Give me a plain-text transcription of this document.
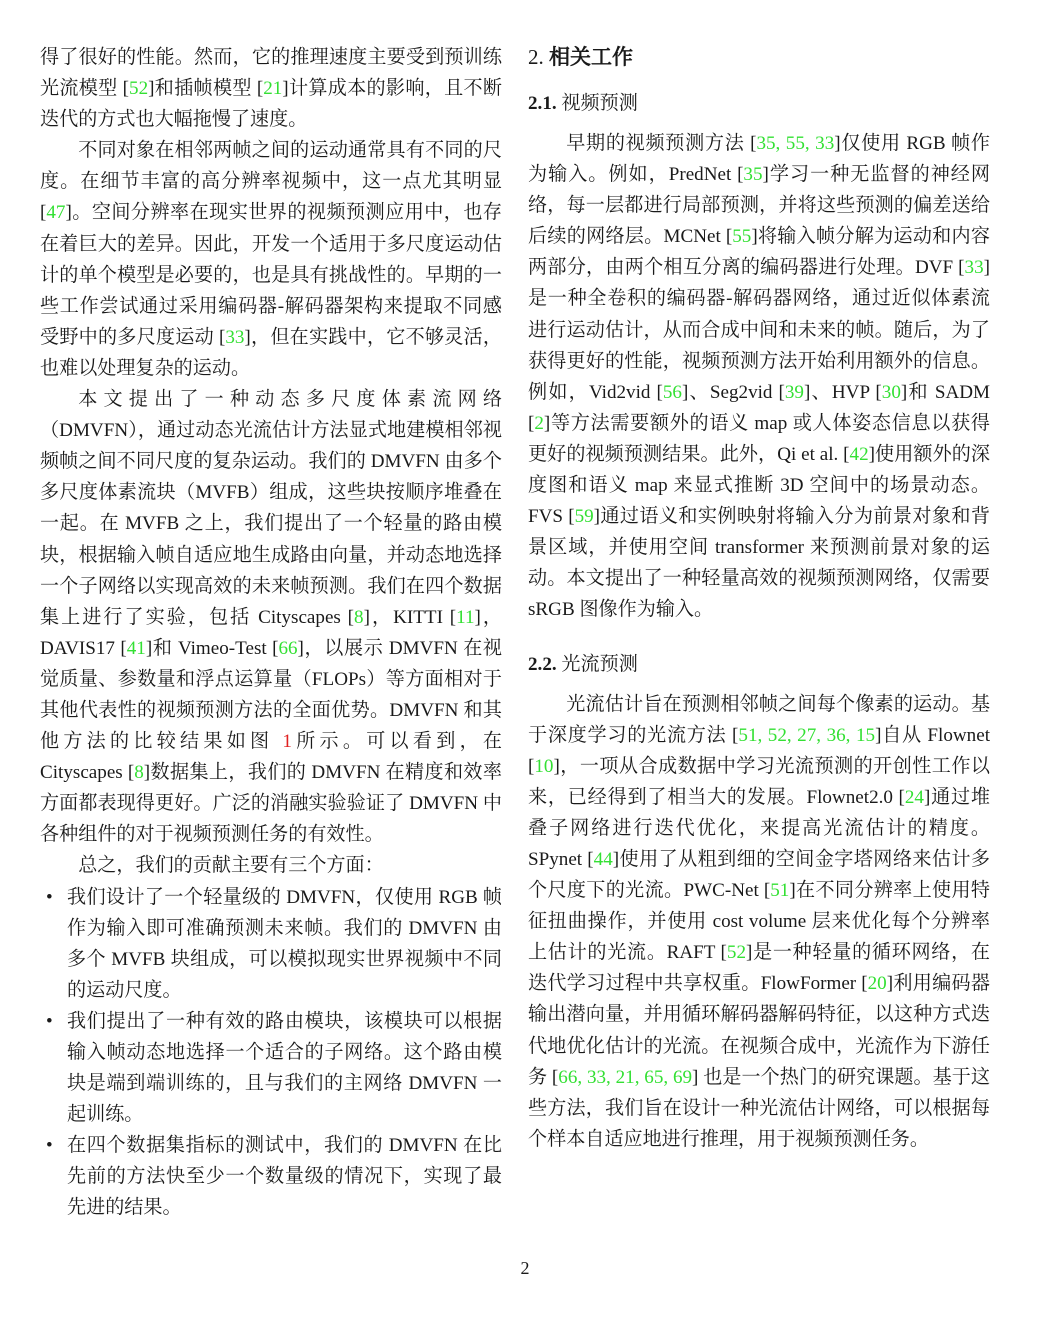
得了很好的性能。然而，它的推理速度主要受到预训练光流模型 [52]和插帧模型 [21]计算成本的影响，且不断迭代的方式也大幅拖慢了速度。

不同对象在相邻两帧之间的运动通常具有不同的尺度。在细节丰富的高分辨率视频中，这一点尤其明显 [47]。空间分辨率在现实世界的视频预测应用中，也存在着巨大的差异。因此，开发一个适用于多尺度运动估计的单个模型是必要的，也是具有挑战性的。早期的一些工作尝试通过采用编码器-解码器架构来提取不同感受野中的多尺度运动 [33]，但在实践中，它不够灵活，也难以处理复杂的运动。

本文提出了一种动态多尺度体素流网络（DMVFN），通过动态光流估计方法显式地建模相邻视频帧之间不同尺度的复杂运动。我们的 DMVFN 由多个多尺度体素流块（MVFB）组成，这些块按顺序堆叠在一起。在 MVFB 之上，我们提出了一个轻量的路由模块，根据输入帧自适应地生成路由向量，并动态地选择一个子网络以实现高效的未来帧预测。我们在四个数据集上进行了实验，包括 Cityscapes [8]，KITTI [11]，DAVIS17 [41]和 Vimeo-Test [66]，以展示 DMVFN 在视觉质量、参数量和浮点运算量（FLOPs）等方面相对于其他代表性的视频预测方法的全面优势。DMVFN 和其他方法的比较结果如图 1所示。可以看到，在 Cityscapes [8]数据集上，我们的 DMVFN 在精度和效率方面都表现得更好。广泛的消融实验验证了 DMVFN 中各种组件的对于视频预测任务的有效性。

总之，我们的贡献主要有三个方面：

• 我们设计了一个轻量级的 DMVFN，仅使用 RGB 帧作为输入即可准确预测未来帧。我们的 DMVFN 由多个 MVFB 块组成，可以模拟现实世界视频中不同的运动尺度。
• 我们提出了一种有效的路由模块，该模块可以根据输入帧动态地选择一个适合的子网络。这个路由模块是端到端训练的，且与我们的主网络 DMVFN 一起训练。
• 在四个数据集指标的测试中，我们的 DMVFN 在比先前的方法快至少一个数量级的情况下，实现了最先进的结果。
2. 相关工作
2.1. 视频预测

早期的视频预测方法 [35, 55, 33]仅使用 RGB 帧作为输入。例如，PredNet [35]学习一种无监督的神经网络，每一层都进行局部预测，并将这些预测的偏差送给后续的网络层。MCNet [55]将输入帧分解为运动和内容两部分，由两个相互分离的编码器进行处理。DVF [33]是一种全卷积的编码器-解码器网络，通过近似体素流进行运动估计，从而合成中间和未来的帧。随后，为了获得更好的性能，视频预测方法开始利用额外的信息。例如，Vid2vid [56]、Seg2vid [39]、HVP [30]和 SADM [2]等方法需要额外的语义 map 或人体姿态信息以获得更好的视频预测结果。此外，Qi et al. [42]使用额外的深度图和语义 map 来显式推断 3D 空间中的场景动态。FVS [59]通过语义和实例映射将输入分为前景对象和背景区域，并使用空间 transformer 来预测前景对象的运动。本文提出了一种轻量高效的视频预测网络，仅需要 sRGB 图像作为输入。

2.2. 光流预测

光流估计旨在预测相邻帧之间每个像素的运动。基于深度学习的光流方法 [51, 52, 27, 36, 15]自从 Flownet [10]，一项从合成数据中学习光流预测的开创性工作以来，已经得到了相当大的发展。Flownet2.0 [24]通过堆叠子网络进行迭代优化，来提高光流估计的精度。SPynet [44]使用了从粗到细的空间金字塔网络来估计多个尺度下的光流。PWC-Net [51]在不同分辨率上使用特征扭曲操作，并使用 cost volume 层来优化每个分辨率上估计的光流。RAFT [52]是一种轻量的循环网络，在迭代学习过程中共享权重。FlowFormer [20]利用编码器输出潜向量，并用循环解码器解码特征，以这种方式迭代地优化估计的光流。在视频合成中，光流作为下游任务 [66, 33, 21, 65, 69] 也是一个热门的研究课题。基于这些方法，我们旨在设计一种光流估计网络，可以根据每个样本自适应地进行推理，用于视频预测任务。

2
